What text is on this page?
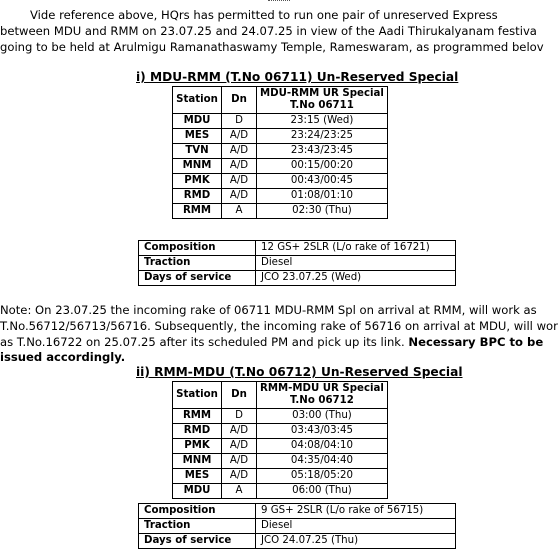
Vide reference above, HQrs has permitted to run one pair of unreserved Express
between MDU and RMM on 23.07.25 and 24.07.25 in view of the Aadi Thirukalyanam festiva
going to be held at Arulmigu Ramanathaswamy Temple, Rameswaram, as programmed belov
i) MDU-RMM (T.No 06711) Un-Reserved Special
Station	Dn	MDU-RMM UR Special
T.No 06711

MDU	D	23:15 (Wed)
MES	A/D	23:24/23:25
TVN	A/D	23:43/23:45
MNM	A/D	00:15/00:20
PMK	A/D	00:43/00:45
RMD	A/D	01:08/01:10
RMM	A	02:30 (Thu)
Composition	12 GS+ 2SLR (L/o rake of 16721)
Traction	Diesel
Days of service	JCO 23.07.25 (Wed)
Note: On 23.07.25 the incoming rake of 06711 MDU-RMM Spl on arrival at RMM, will work as
T.No.56712/56713/56716. Subsequently, the incoming rake of 56716 on arrival at MDU, will wor
as T.No.16722 on 25.07.25 after its scheduled PM and pick up its link. Necessary BPC to be
issued accordingly.
ii) RMM-MDU (T.No 06712) Un-Reserved Special
Station	Dn	RMM-MDU UR Special
T.No 06712

RMM	D	03:00 (Thu)
RMD	A/D	03:43/03:45
PMK	A/D	04:08/04:10
MNM	A/D	04:35/04:40
MES	A/D	05:18/05:20
MDU	A	06:00 (Thu)
Composition	9 GS+ 2SLR (L/o rake of 56715)
Traction	Diesel
Days of service	JCO 24.07.25 (Thu)
